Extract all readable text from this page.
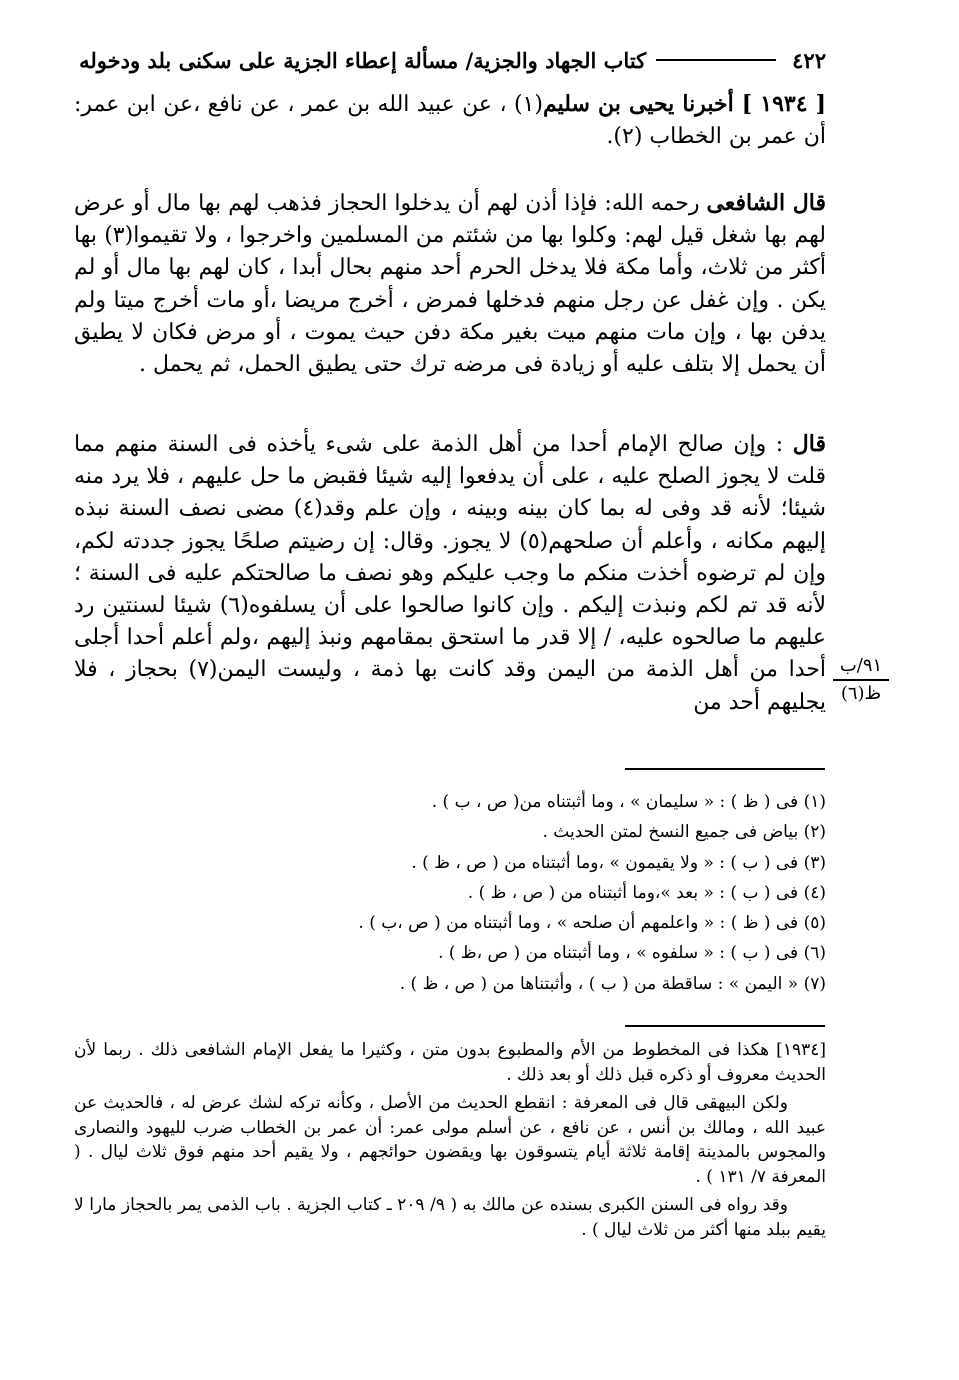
٤٢٢
كتاب الجهاد والجزية/ مسألة إعطاء الجزية على سكنى بلد ودخوله

[ ١٩٣٤ ] أخبرنا يحيى بن سليم(١) ، عن عبيد الله بن عمر ، عن نافع ،عن ابن عمر: أن عمر بن الخطاب (٢).

قال الشافعى رحمه الله: فإذا أذن لهم أن يدخلوا الحجاز فذهب لهم بها مال أو عرض لهم بها شغل قيل لهم: وكلوا بها من شئتم من المسلمين واخرجوا ، ولا تقيموا(٣) بها أكثر من ثلاث، وأما مكة فلا يدخل الحرم أحد منهم بحال أبدا ، كان لهم بها مال أو لم يكن . وإن غفل عن رجل منهم فدخلها فمرض ، أخرج مريضا ،أو مات أخرج ميتا ولم يدفن بها ، وإن مات منهم ميت بغير مكة دفن حيث يموت ، أو مرض فكان لا يطيق أن يحمل إلا بتلف عليه أو زيادة فى مرضه ترك حتى يطيق الحمل، ثم يحمل .

قال : وإن صالح الإمام أحدا من أهل الذمة على شىء يأخذه فى السنة منهم مما قلت لا يجوز الصلح عليه ، على أن يدفعوا إليه شيئا فقبض ما حل عليهم ، فلا يرد منه شيئا؛ لأنه قد وفى له بما كان بينه وبينه ، وإن علم وقد(٤) مضى نصف السنة نبذه إليهم مكانه ، وأعلم أن صلحهم(٥) لا يجوز. وقال: إن رضيتم صلحًا يجوز جددته لكم، وإن لم ترضوه أخذت منكم ما وجب عليكم وهو نصف ما صالحتكم عليه فى السنة ؛ لأنه قد تم لكم ونبذت إليكم . وإن كانوا صالحوا على أن يسلفوه(٦) شيئا لسنتين رد عليهم ما صالحوه عليه، / إلا قدر ما استحق بمقامهم ونبذ إليهم ،ولم أعلم أحدا أجلى أحدا من أهل الذمة من اليمن وقد كانت بها ذمة ، وليست اليمن(٧) بحجاز ، فلا يجليهم أحد من

٩١/ب
ظ(٦)
(١) فى ( ظ ) : « سليمان » ، وما أثبتناه من( ص ، ب ) .
(٢) بياض فى جميع النسخ لمتن الحديث .
(٣) فى ( ب ) : « ولا يقيمون » ،وما أثبتناه من ( ص ، ظ ) .
(٤) فى ( ب ) : « بعد »،وما أثبتناه من ( ص ، ظ ) .
(٥) فى ( ظ ) : « واعلمهم أن صلحه » ، وما أثبتناه من ( ص ،ب ) .
(٦) فى ( ب ) : « سلفوه » ، وما أثبتناه من ( ص ،ظ ) .
(٧) « اليمن » : ساقطة من ( ب ) ، وأثبتناها من ( ص ، ظ ) .

[١٩٣٤] هكذا فى المخطوط من الأم والمطبوع بدون متن ، وكثيرا ما يفعل الإمام الشافعى ذلك . ربما لأن الحديث معروف أو ذكره قبل ذلك أو بعد ذلك .

ولكن البيهقى قال فى المعرفة : انقطع الحديث من الأصل ، وكأنه تركه لشك عرض له ، فالحديث عن عبيد الله ، ومالك بن أنس ، عن نافع ، عن أسلم مولى عمر: أن عمر بن الخطاب ضرب لليهود والنصارى والمجوس بالمدينة إقامة ثلاثة أيام يتسوقون بها ويقضون حوائجهم ، ولا يقيم أحد منهم فوق ثلاث ليال . ( المعرفة ٧/ ١٣١ ) .

وقد رواه فى السنن الكبرى بسنده عن مالك به ( ٩/ ٢٠٩ ـ كتاب الجزية . باب الذمى يمر بالحجاز مارا لا يقيم ببلد منها أكثر من ثلاث ليال ) .
